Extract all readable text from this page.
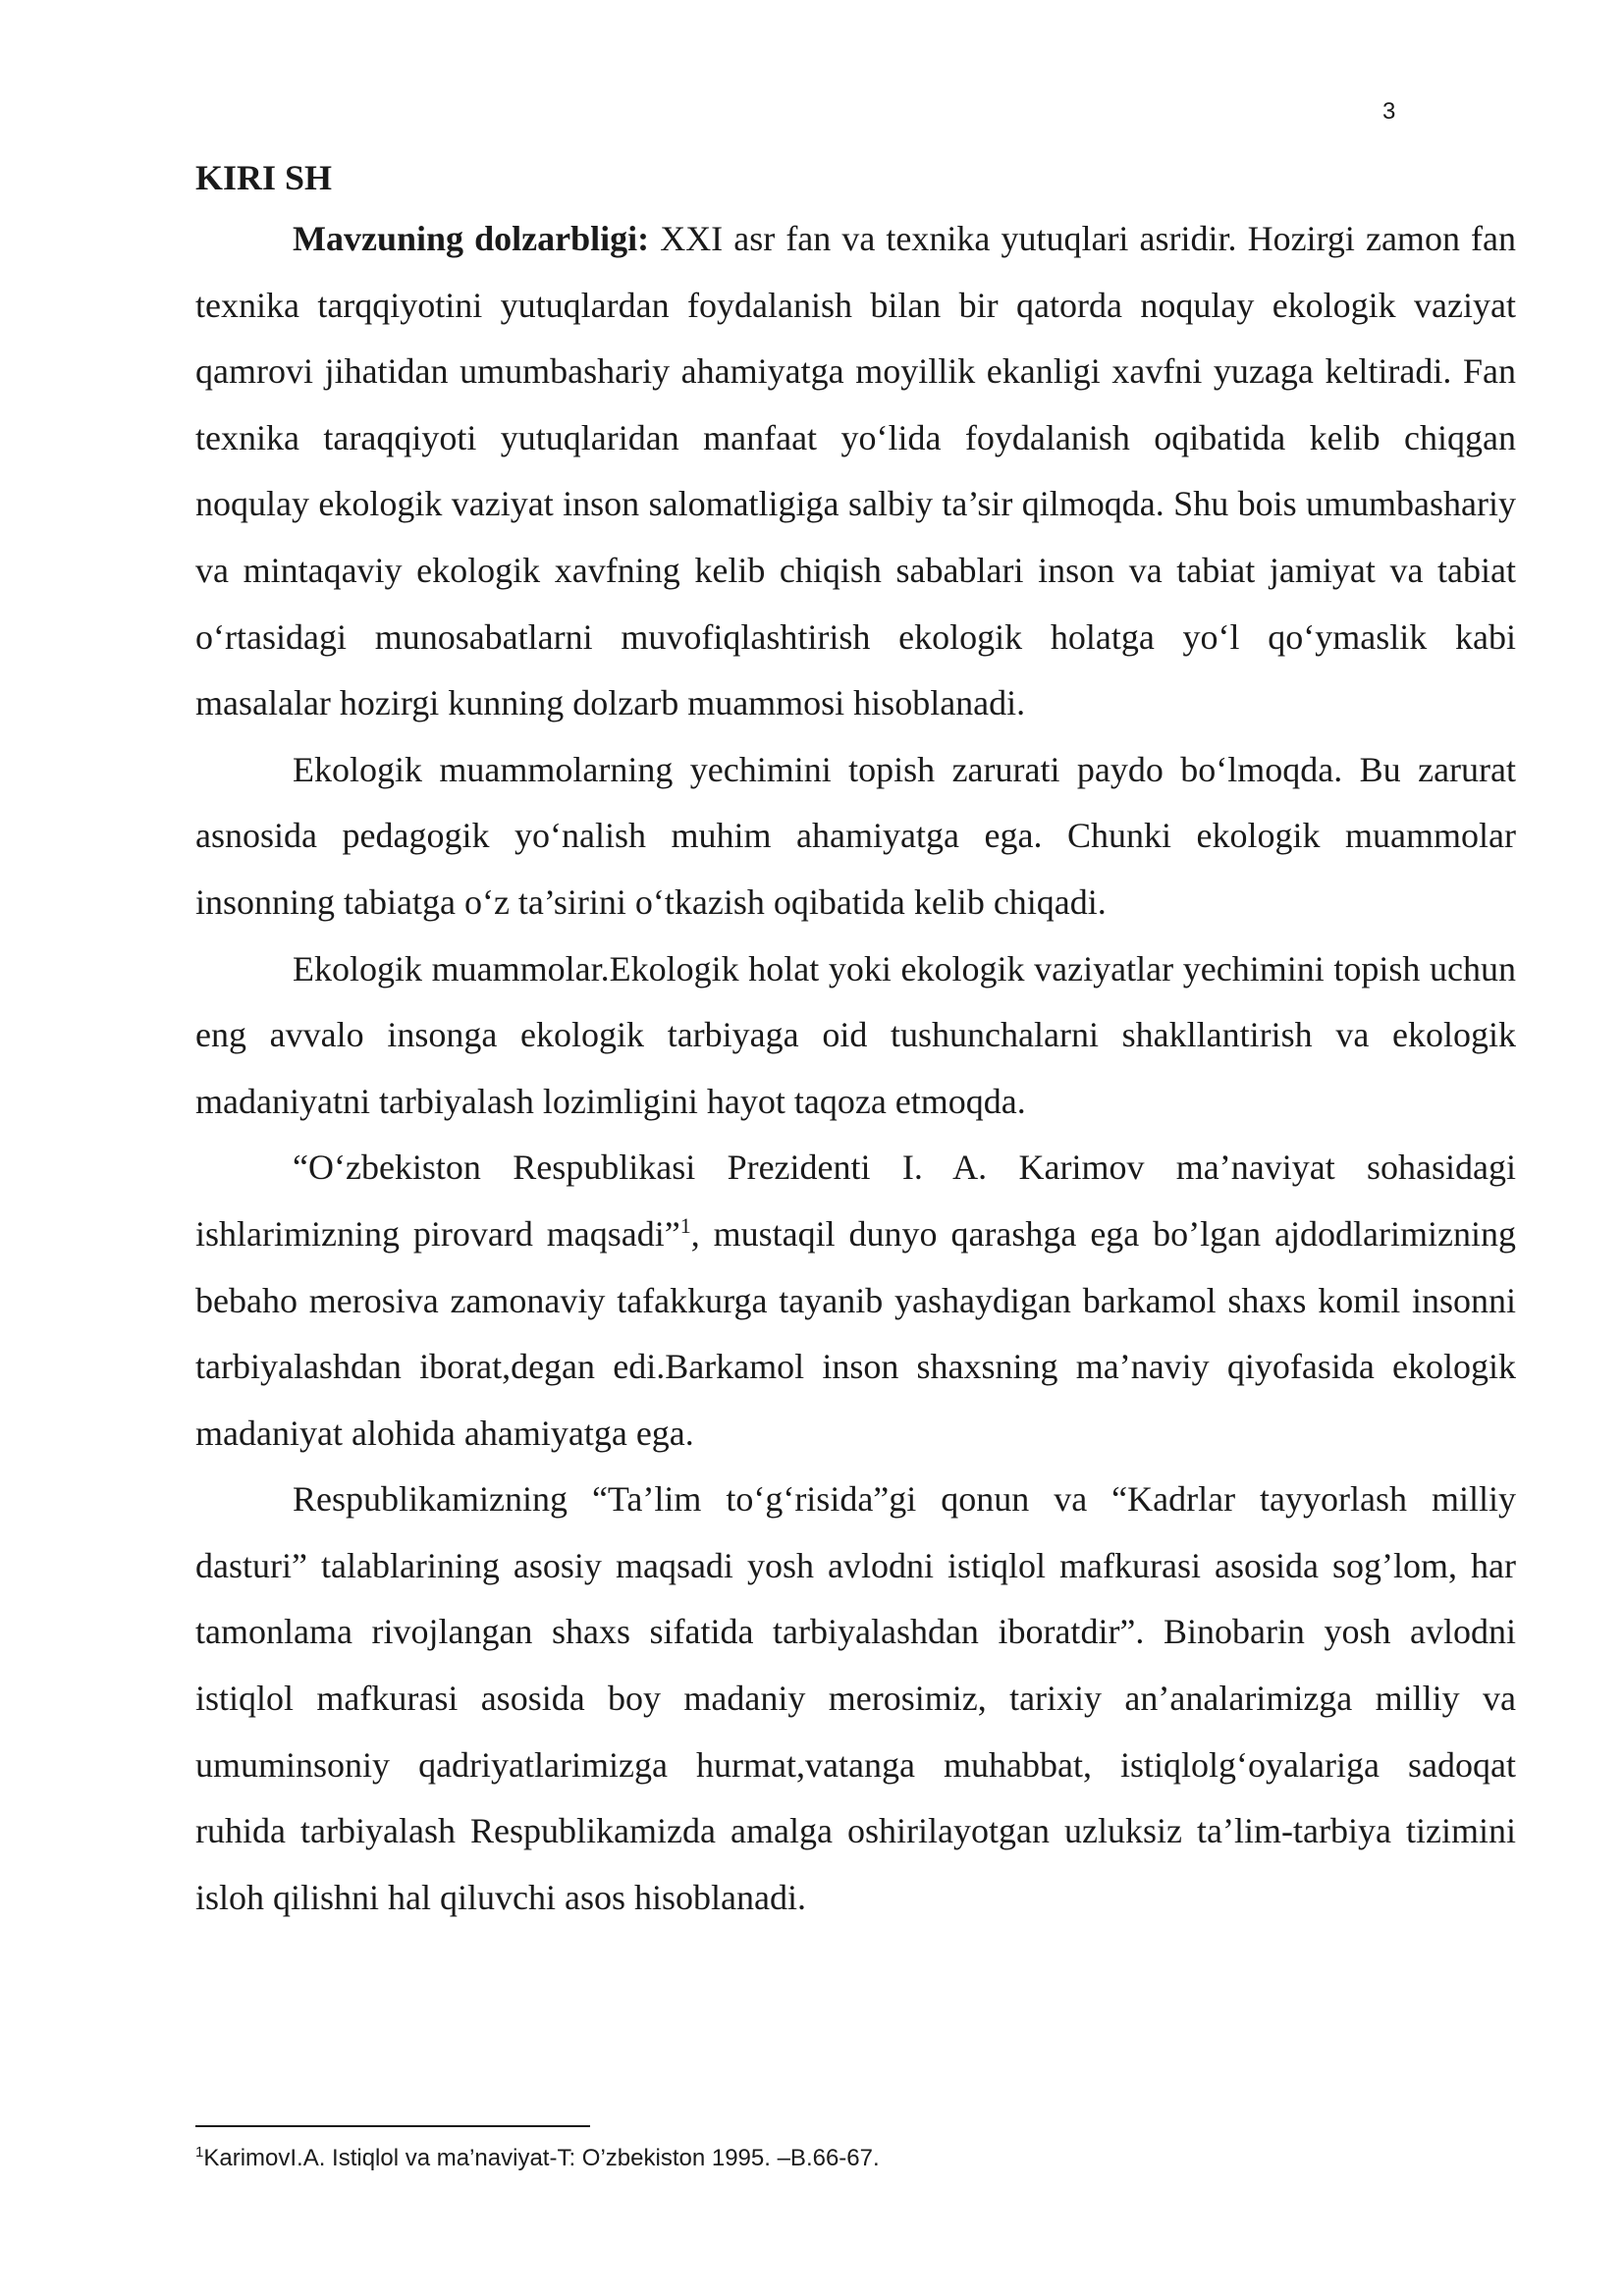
3
KIRI SH

Mavzuning dolzarbligi: XXI asr fan va texnika yutuqlari asridir. Hozirgi zamon fan texnika tarqqiyotini yutuqlardan foydalanish bilan bir qatorda noqulay ekologik vaziyat qamrovi jihatidan umumbashariy ahamiyatga moyillik ekanligi xavfni yuzaga keltiradi. Fan texnika taraqqiyoti yutuqlaridan manfaat yo‘lida foydalanish oqibatida kelib chiqgan noqulay ekologik vaziyat inson salomatligiga salbiy ta’sir qilmoqda. Shu bois umumbashariy va mintaqaviy ekologik xavfning kelib chiqish sabablari inson va tabiat jamiyat va tabiat o‘rtasidagi munosabatlarni muvofiqlashtirish ekologik holatga yo‘l qo‘ymaslik kabi masalalar hozirgi kunning dolzarb muammosi hisoblanadi.

Ekologik muammolarning yechimini topish zarurati paydo bo‘lmoqda. Bu zarurat asnosida pedagogik yo‘nalish muhim ahamiyatga ega. Chunki ekologik muammolar insonning tabiatga o‘z ta’sirini o‘tkazish oqibatida kelib chiqadi.

Ekologik muammolar.Ekologik holat yoki ekologik vaziyatlar yechimini topish uchun eng avvalo insonga ekologik tarbiyaga oid tushunchalarni shakllantirish va ekologik madaniyatni tarbiyalash lozimligini hayot taqoza etmoqda.

“O‘zbekiston Respublikasi Prezidenti I. A. Karimov ma’naviyat sohasidagi ishlarimizning pirovard maqsadi”$^1$, mustaqil dunyo qarashga ega bo’lgan ajdodlarimizning bebaho merosiva zamonaviy tafakkurga tayanib yashaydigan barkamol shaxs komil insonni tarbiyalashdan iborat,degan edi.Barkamol inson shaxsning ma’naviy qiyofasida ekologik madaniyat alohida ahamiyatga ega.

Respublikamizning “Ta’lim to‘g‘risida”gi qonun va “Kadrlar tayyorlash milliy dasturi” talablarining asosiy maqsadi yosh avlodni istiqlol mafkurasi asosida sog’lom, har tamonlama rivojlangan shaxs sifatida tarbiyalashdan iboratdir”. Binobarin yosh avlodni istiqlol mafkurasi asosida boy madaniy merosimiz, tarixiy an’analarimizga milliy va umuminsoniy qadriyatlarimizga hurmat,vatanga muhabbat, istiqlolg‘oyalariga sadoqat ruhida tarbiyalash Respublikamizda amalga oshirilayotgan uzluksiz ta’lim-tarbiya tizimini isloh qilishni hal qiluvchi asos hisoblanadi.

$^1$KarimovI.A. Istiqlol va ma’naviyat-T: O’zbekiston 1995. –B.66-67.
